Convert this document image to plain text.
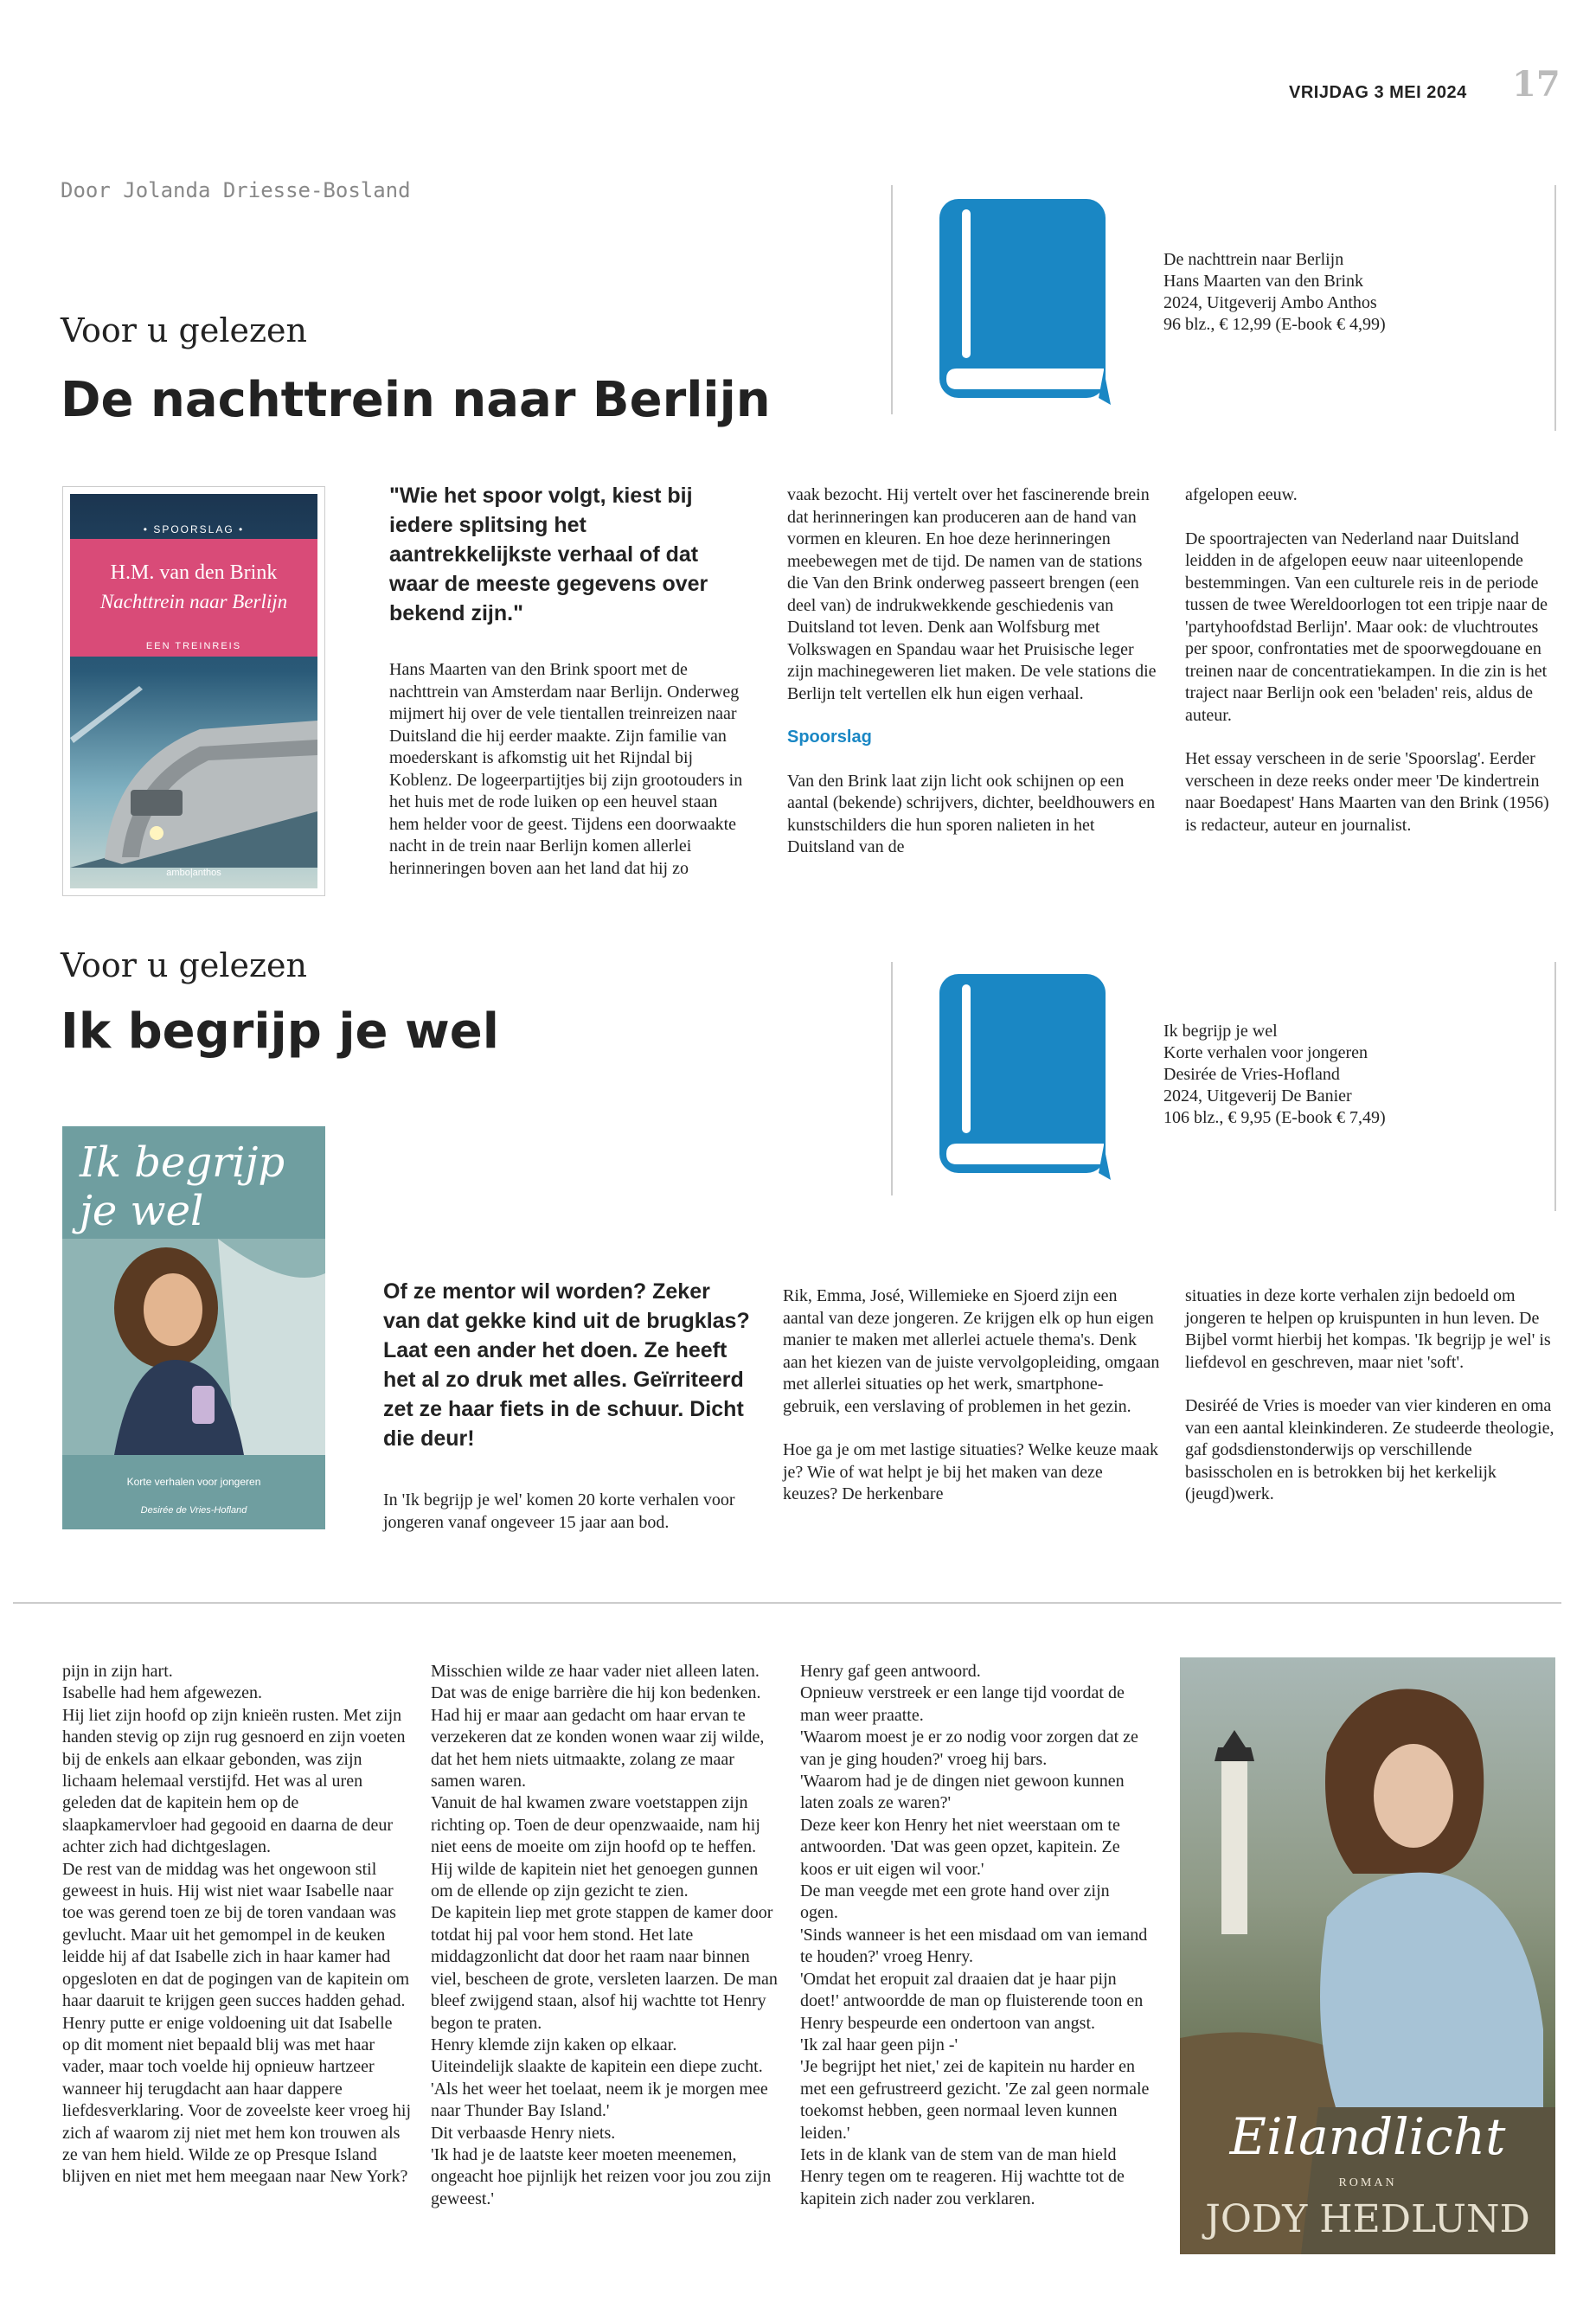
VRIJDAG 3 MEI 2024 17
Door Jolanda Driesse-Bosland
Voor u gelezen
De nachttrein naar Berlijn
De nachttrein naar Berlijn
Hans Maarten van den Brink
2024, Uitgeverij Ambo Anthos
96 blz., € 12,99 (E-book € 4,99)
• SPOORSLAG •
H.M. van den Brink
Nachttrein naar Berlijn
EEN TREINREIS
ambo|anthos
"Wie het spoor volgt, kiest bij iedere splitsing het aantrekkelijkste verhaal of dat waar de meeste gegevens over bekend zijn."

Hans Maarten van den Brink spoort met de nachttrein van Amsterdam naar Berlijn. Onderweg mijmert hij over de vele tientallen treinreizen naar Duitsland die hij eerder maakte. Zijn familie van moederskant is afkomstig uit het Rijndal bij Koblenz. De logeerpartijtjes bij zijn grootouders in het huis met de rode luiken op een heuvel staan hem helder voor de geest. Tijdens een doorwaakte nacht in de trein naar Berlijn komen allerlei herinneringen boven aan het land dat hij zo

vaak bezocht. Hij vertelt over het fascinerende brein dat herinneringen kan produceren aan de hand van vormen en kleuren. En hoe deze herinneringen meebewegen met de tijd. De namen van de stations die Van den Brink onderweg passeert brengen (een deel van) de indrukwekkende geschiedenis van Duitsland tot leven. Denk aan Wolfsburg met Volkswagen en Spandau waar het Pruisische leger zijn machinegeweren liet maken. De vele stations die Berlijn telt vertellen elk hun eigen verhaal.

Spoorslag

Van den Brink laat zijn licht ook schijnen op een aantal (bekende) schrijvers, dichter, beeldhouwers en kunstschilders die hun sporen nalieten in het Duitsland van de

afgelopen eeuw.

De spoortrajecten van Nederland naar Duitsland leidden in de afgelopen eeuw naar uiteenlopende bestemmingen. Van een culturele reis in de periode tussen de twee Wereldoorlogen tot een tripje naar de 'partyhoofdstad Berlijn'. Maar ook: de vluchtroutes per spoor, confrontaties met de spoorwegdouane en treinen naar de concentratiekampen. In die zin is het traject naar Berlijn ook een 'beladen' reis, aldus de auteur.

Het essay verscheen in de serie 'Spoorslag'. Eerder verscheen in deze reeks onder meer 'De kindertrein naar Boedapest' Hans Maarten van den Brink (1956) is redacteur, auteur en journalist.

Voor u gelezen
Ik begrijp je wel	Ik begrijp je wel
Korte verhalen voor jongeren
Desirée de Vries-Hofland
2024, Uitgeverij De Banier
106 blz., € 9,95 (E-book € 7,49)
Ik begrijp je wel
Korte verhalen voor jongeren
Desirée de Vries-Hofland
Of ze mentor wil worden? Zeker van dat gekke kind uit de brugklas? Laat een ander het doen. Ze heeft het al zo druk met alles. Geïrriteerd zet ze haar fiets in de schuur. Dicht die deur!

In 'Ik begrijp je wel' komen 20 korte verhalen voor jongeren vanaf ongeveer 15 jaar aan bod.

Rik, Emma, José, Willemieke en Sjoerd zijn een aantal van deze jongeren. Ze krijgen elk op hun eigen manier te maken met allerlei actuele thema's. Denk aan het kiezen van de juiste vervolgopleiding, omgaan met allerlei situaties op het werk, smartphone-gebruik, een verslaving of problemen in het gezin.

Hoe ga je om met lastige situaties? Welke keuze maak je? Wie of wat helpt je bij het maken van deze keuzes? De herkenbare

situaties in deze korte verhalen zijn bedoeld om jongeren te helpen op kruispunten in hun leven. De Bijbel vormt hierbij het kompas. 'Ik begrijp je wel' is liefdevol en geschreven, maar niet 'soft'.

Desiréé de Vries is moeder van vier kinderen en oma van een aantal kleinkinderen. Ze studeerde theologie, gaf godsdienstonderwijs op verschillende basisscholen en is betrokken bij het kerkelijk (jeugd)werk.

pijn in zijn hart.

Isabelle had hem afgewezen.

Hij liet zijn hoofd op zijn knieën rusten. Met zijn handen stevig op zijn rug gesnoerd en zijn voeten bij de enkels aan elkaar gebonden, was zijn lichaam helemaal verstijfd. Het was al uren geleden dat de kapitein hem op de slaapkamervloer had gegooid en daarna de deur achter zich had dichtgeslagen.

De rest van de middag was het ongewoon stil geweest in huis. Hij wist niet waar Isabelle naar toe was gerend toen ze bij de toren vandaan was gevlucht. Maar uit het gemompel in de keuken leidde hij af dat Isabelle zich in haar kamer had opgesloten en dat de pogingen van de kapitein om haar daaruit te krijgen geen succes hadden gehad.

Henry putte er enige voldoening uit dat Isabelle op dit moment niet bepaald blij was met haar vader, maar toch voelde hij opnieuw hartzeer wanneer hij terugdacht aan haar dappere liefdesverklaring. Voor de zoveelste keer vroeg hij zich af waarom zij niet met hem kon trouwen als ze van hem hield. Wilde ze op Presque Island blijven en niet met hem meegaan naar New York?

Misschien wilde ze haar vader niet alleen laten.

Dat was de enige barrière die hij kon bedenken. Had hij er maar aan gedacht om haar ervan te verzekeren dat ze konden wonen waar zij wilde, dat het hem niets uitmaakte, zolang ze maar samen waren.

Vanuit de hal kwamen zware voetstappen zijn richting op. Toen de deur openzwaaide, nam hij niet eens de moeite om zijn hoofd op te heffen. Hij wilde de kapitein niet het genoegen gunnen om de ellende op zijn gezicht te zien.

De kapitein liep met grote stappen de kamer door totdat hij pal voor hem stond. Het late middagzonlicht dat door het raam naar binnen viel, bescheen de grote, versleten laarzen. De man bleef zwijgend staan, alsof hij wachtte tot Henry begon te praten.

Henry klemde zijn kaken op elkaar.

Uiteindelijk slaakte de kapitein een diepe zucht. 'Als het weer het toelaat, neem ik je morgen mee naar Thunder Bay Island.'

Dit verbaasde Henry niets.

'Ik had je de laatste keer moeten meenemen, ongeacht hoe pijnlijk het reizen voor jou zou zijn geweest.'

Henry gaf geen antwoord.

Opnieuw verstreek er een lange tijd voordat de man weer praatte.

'Waarom moest je er zo nodig voor zorgen dat ze van je ging houden?' vroeg hij bars.

'Waarom had je de dingen niet gewoon kunnen laten zoals ze waren?'

Deze keer kon Henry het niet weerstaan om te antwoorden. 'Dat was geen opzet, kapitein. Ze koos er uit eigen wil voor.'

De man veegde met een grote hand over zijn ogen.

'Sinds wanneer is het een misdaad om van iemand te houden?' vroeg Henry.

'Omdat het eropuit zal draaien dat je haar pijn doet!' antwoordde de man op fluisterende toon en Henry bespeurde een ondertoon van angst.

'Ik zal haar geen pijn -'

'Je begrijpt het niet,' zei de kapitein nu harder en met een gefrustreerd gezicht. 'Ze zal geen normale toekomst hebben, geen normaal leven kunnen leiden.'

Iets in de klank van de stem van de man hield Henry tegen om te reageren. Hij wachtte tot de kapitein zich nader zou verklaren.

Eilandlicht
ROMAN
JODY HEDLUND
